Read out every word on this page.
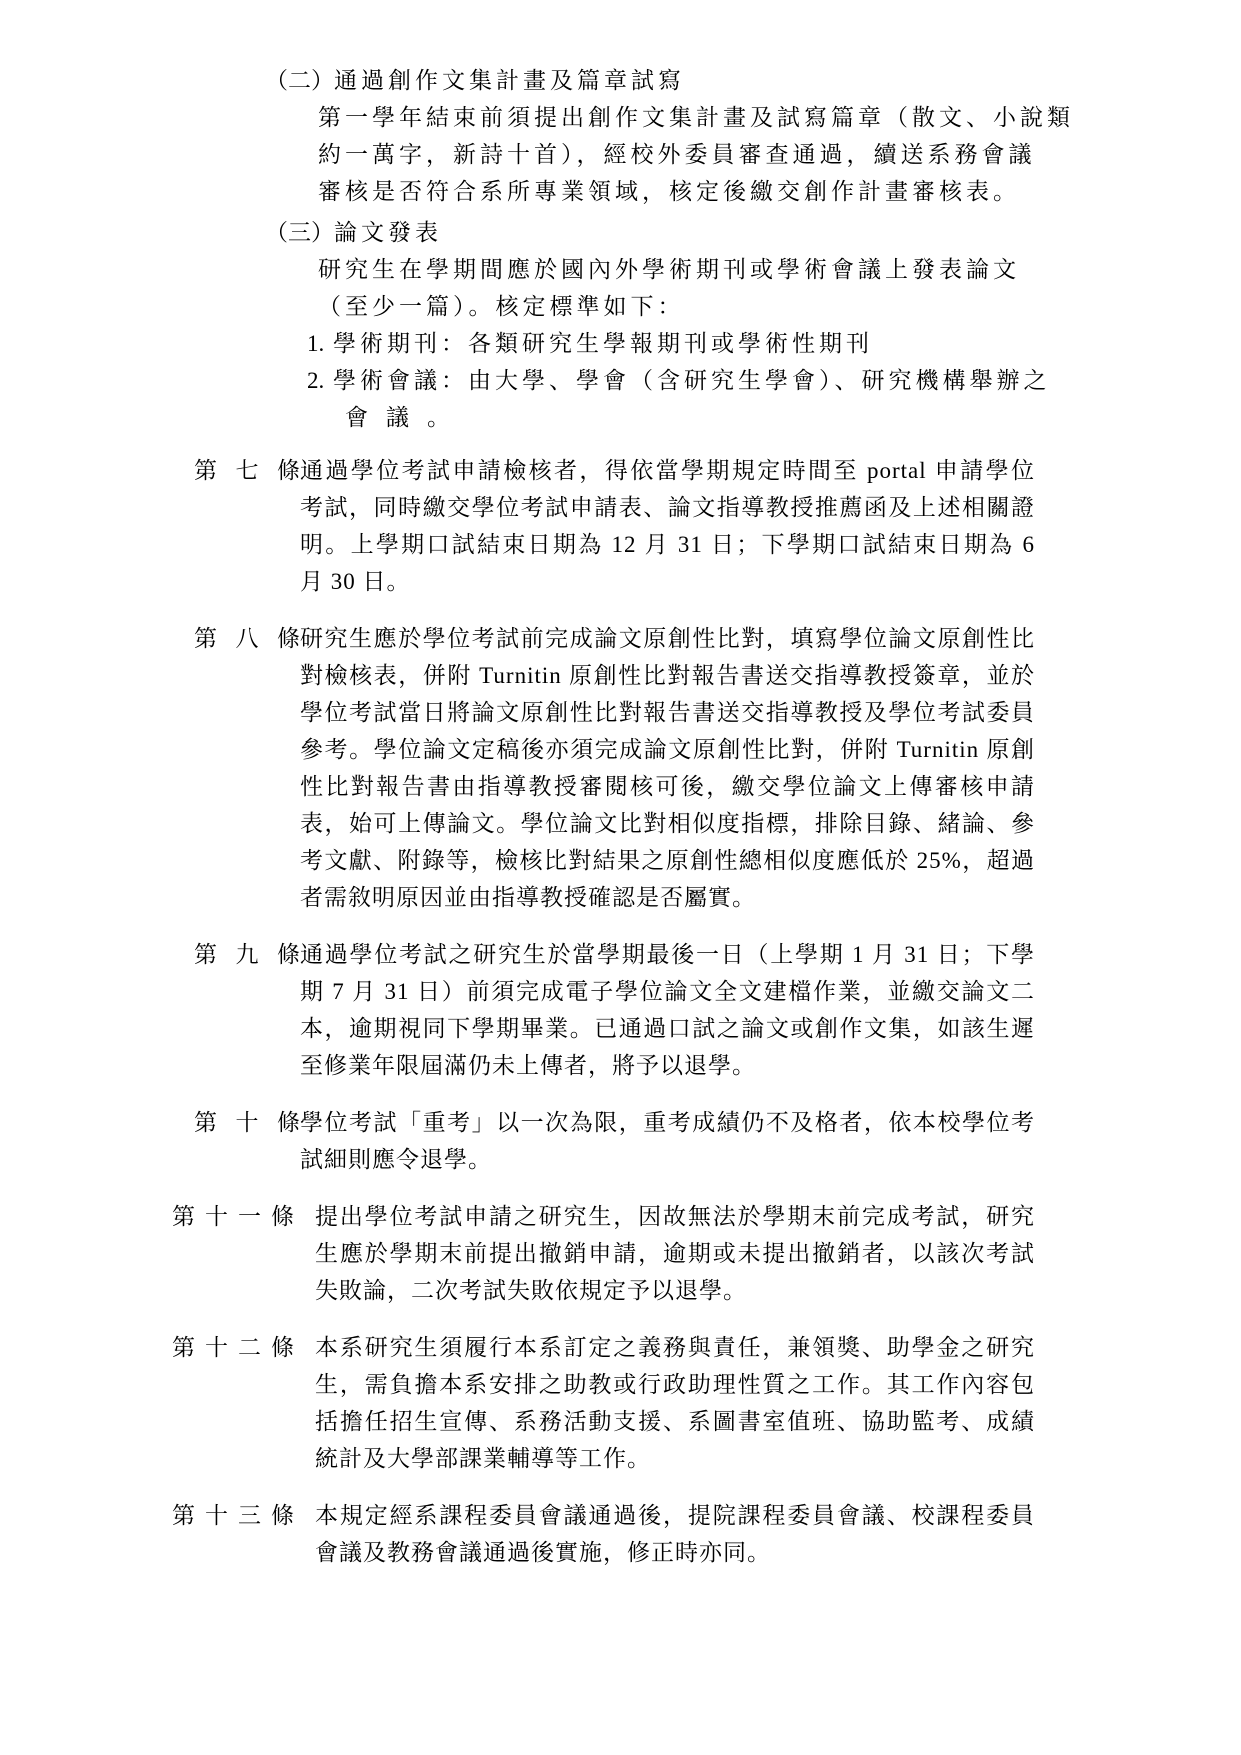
（二）通過創作文集計畫及篇章試寫
第一學年結束前須提出創作文集計畫及試寫篇章（散文、小說類
約一萬字，新詩十首），經校外委員審查通過，續送系務會議
審核是否符合系所專業領域，核定後繳交創作計畫審核表。
（三）論文發表
研究生在學期間應於國內外學術期刊或學術會議上發表論文
（至少一篇）。核定標準如下：
1. 學術期刊：各類研究生學報期刊或學術性期刊
2. 學術會議：由大學、學會（含研究生學會）、研究機構舉辦之
會議。
第七條 通過學位考試申請檢核者，得依當學期規定時間至 portal 申請學位
考試，同時繳交學位考試申請表、論文指導教授推薦函及上述相關證
明。上學期口試結束日期為 12 月 31 日；下學期口試結束日期為 6
月 30 日。
第八條 研究生應於學位考試前完成論文原創性比對，填寫學位論文原創性比
對檢核表，併附 Turnitin 原創性比對報告書送交指導教授簽章，並於
學位考試當日將論文原創性比對報告書送交指導教授及學位考試委員
參考。學位論文定稿後亦須完成論文原創性比對，併附 Turnitin 原創
性比對報告書由指導教授審閱核可後，繳交學位論文上傳審核申請
表，始可上傳論文。學位論文比對相似度指標，排除目錄、緒論、參
考文獻、附錄等，檢核比對結果之原創性總相似度應低於 25%，超過
者需敘明原因並由指導教授確認是否屬實。
第九條 通過學位考試之研究生於當學期最後一日（上學期 1 月 31 日；下學
期 7 月 31 日）前須完成電子學位論文全文建檔作業，並繳交論文二
本，逾期視同下學期畢業。已通過口試之論文或創作文集，如該生遲
至修業年限屆滿仍未上傳者，將予以退學。
第十條 學位考試「重考」以一次為限，重考成績仍不及格者，依本校學位考
試細則應令退學。
第十一條 提出學位考試申請之研究生，因故無法於學期末前完成考試，研究
生應於學期末前提出撤銷申請，逾期或未提出撤銷者，以該次考試
失敗論，二次考試失敗依規定予以退學。
第十二條 本系研究生須履行本系訂定之義務與責任，兼領獎、助學金之研究
生，需負擔本系安排之助教或行政助理性質之工作。其工作內容包
括擔任招生宣傳、系務活動支援、系圖書室值班、協助監考、成績
統計及大學部課業輔導等工作。
第十三條 本規定經系課程委員會議通過後，提院課程委員會議、校課程委員
會議及教務會議通過後實施，修正時亦同。
